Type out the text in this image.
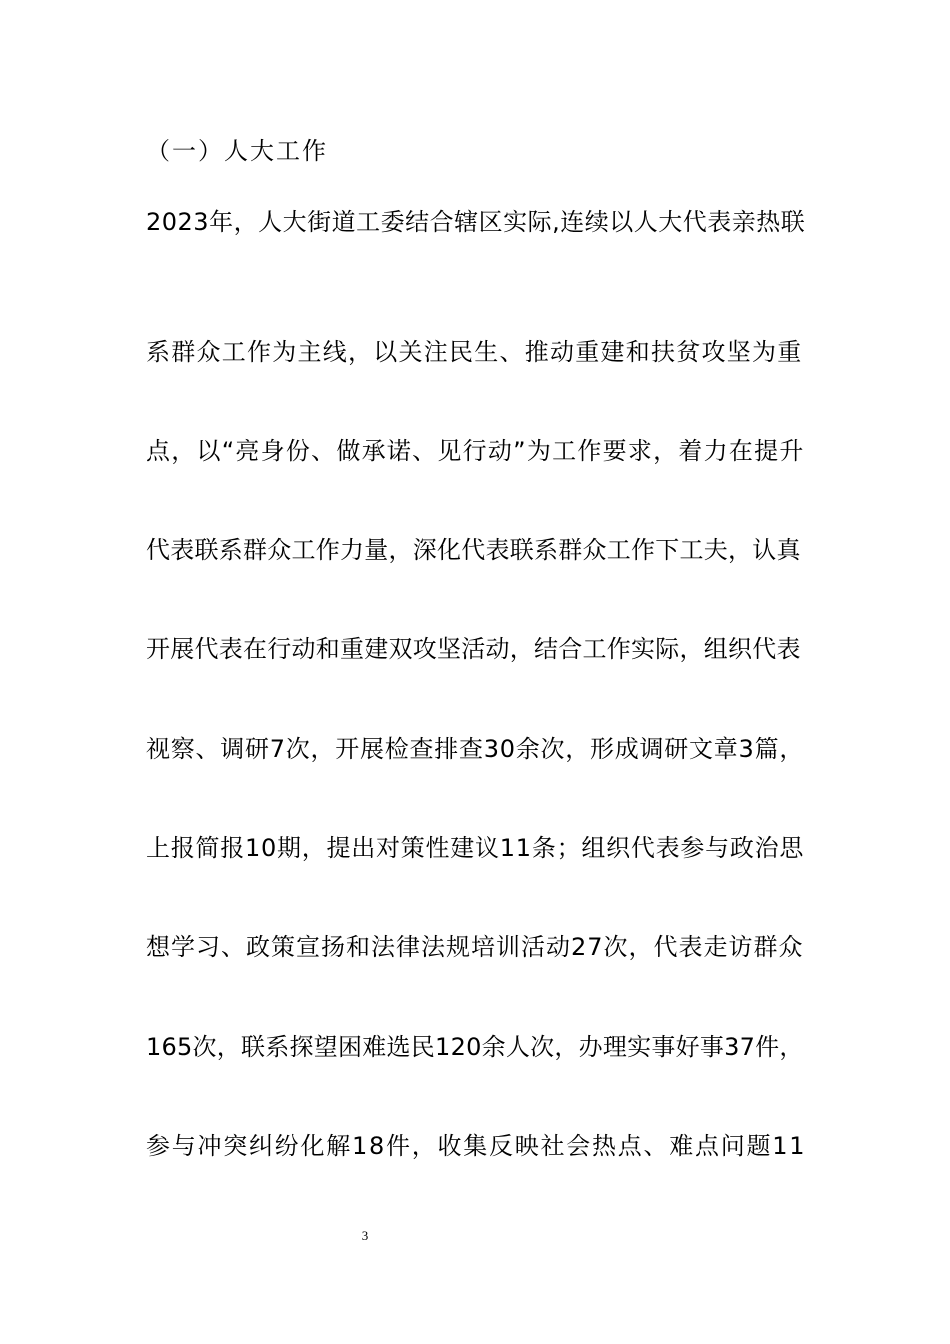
（一）人大工作
2023年，人大街道工委结合辖区实际,连续以人大代表亲热联
系群众工作为主线，以关注民生、推动重建和扶贫攻坚为重
点，以“亮身份、做承诺、见行动”为工作要求，着力在提升
代表联系群众工作力量，深化代表联系群众工作下工夫，认真
开展代表在行动和重建双攻坚活动，结合工作实际，组织代表
视察、调研7次，开展检查排查30余次，形成调研文章3篇，
上报简报10期，提出对策性建议11条；组织代表参与政治思
想学习、政策宣扬和法律法规培训活动27次，代表走访群众
165次，联系探望困难选民120余人次，办理实事好事37件，
参与冲突纠纷化解18件，收集反映社会热点、难点问题11
3
